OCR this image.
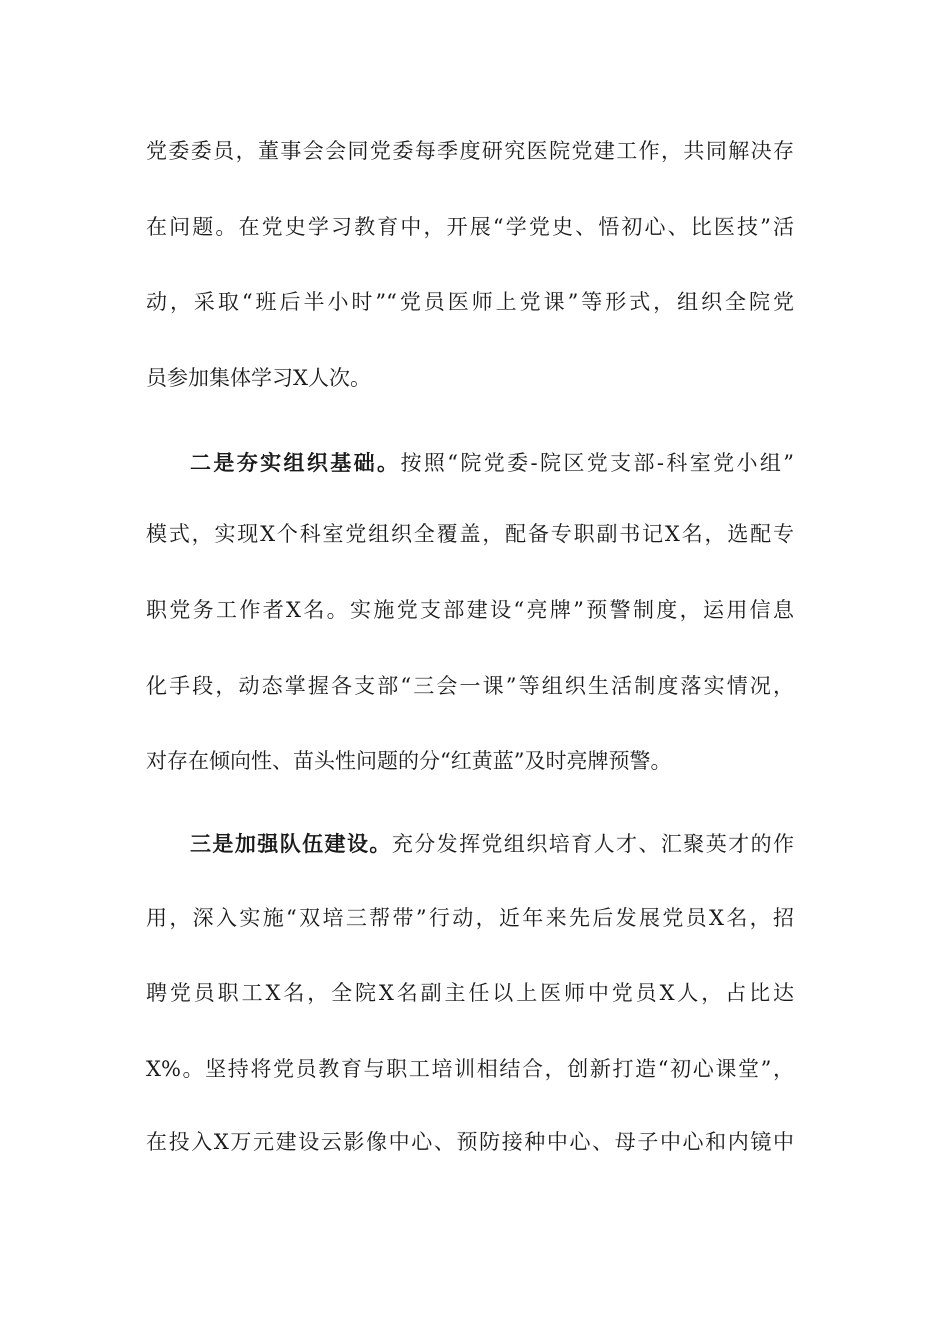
党委委员，董事会会同党委每季度研究医院党建工作，共同解决存
在问题。在党史学习教育中，开展“学党史、悟初心、比医技”活
动，采取“班后半小时”“党员医师上党课”等形式，组织全院党
员参加集体学习X人次。
二是夯实组织基础。按照“院党委-院区党支部-科室党小组”
模式，实现X个科室党组织全覆盖，配备专职副书记X名，选配专
职党务工作者X名。实施党支部建设“亮牌”预警制度，运用信息
化手段，动态掌握各支部“三会一课”等组织生活制度落实情况，
对存在倾向性、苗头性问题的分“红黄蓝”及时亮牌预警。
三是加强队伍建设。充分发挥党组织培育人才、汇聚英才的作
用，深入实施“双培三帮带”行动，近年来先后发展党员X名，招
聘党员职工X名，全院X名副主任以上医师中党员X人，占比达
X%。坚持将党员教育与职工培训相结合，创新打造“初心课堂”，
在投入X万元建设云影像中心、预防接种中心、母子中心和内镜中
